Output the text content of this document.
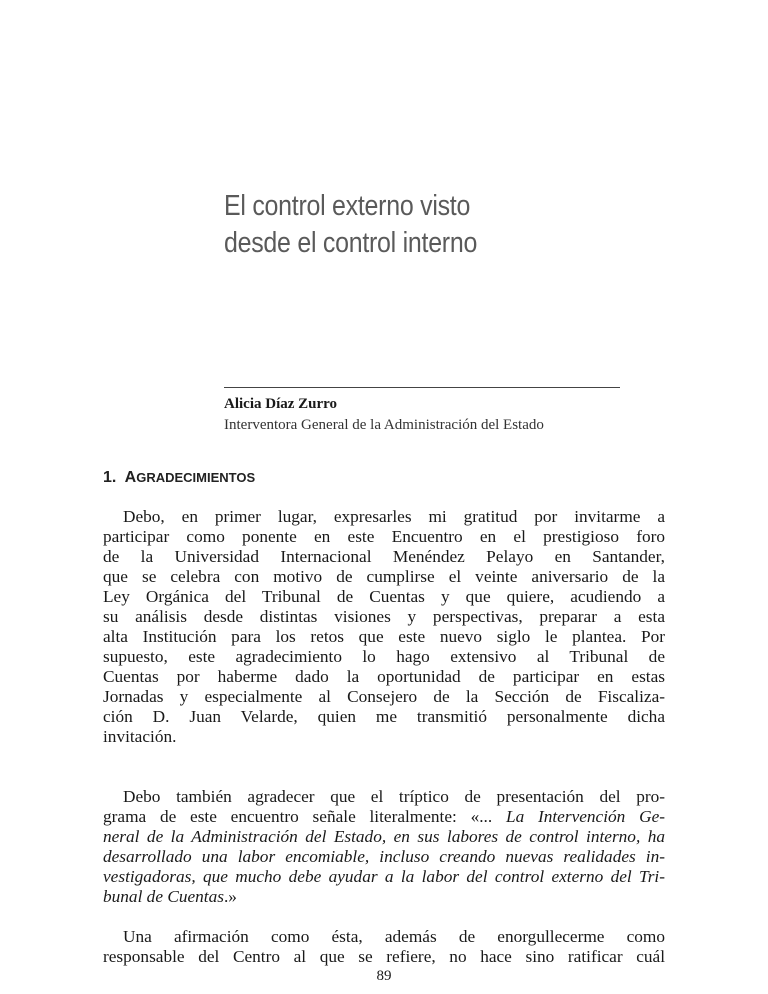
El control externo visto
desde el control interno
Alicia Díaz Zurro
Interventora General de la Administración del Estado
1. AGRADECIMIENTOS
Debo, en primer lugar, expresarles mi gratitud por invitarme a
participar como ponente en este Encuentro en el prestigioso foro
de la Universidad Internacional Menéndez Pelayo en Santander,
que se celebra con motivo de cumplirse el veinte aniversario de la
Ley Orgánica del Tribunal de Cuentas y que quiere, acudiendo a
su análisis desde distintas visiones y perspectivas, preparar a esta
alta Institución para los retos que este nuevo siglo le plantea. Por
supuesto, este agradecimiento lo hago extensivo al Tribunal de
Cuentas por haberme dado la oportunidad de participar en estas
Jornadas y especialmente al Consejero de la Sección de Fiscaliza-
ción D. Juan Velarde, quien me transmitió personalmente dicha
invitación.
Debo también agradecer que el tríptico de presentación del pro-
grama de este encuentro señale literalmente: «... La Intervención Ge-
neral de la Administración del Estado, en sus labores de control interno, ha
desarrollado una labor encomiable, incluso creando nuevas realidades in-
vestigadoras, que mucho debe ayudar a la labor del control externo del Tri-
bunal de Cuentas.»
Una afirmación como ésta, además de enorgullecerme como
responsable del Centro al que se refiere, no hace sino ratificar cuál
89
